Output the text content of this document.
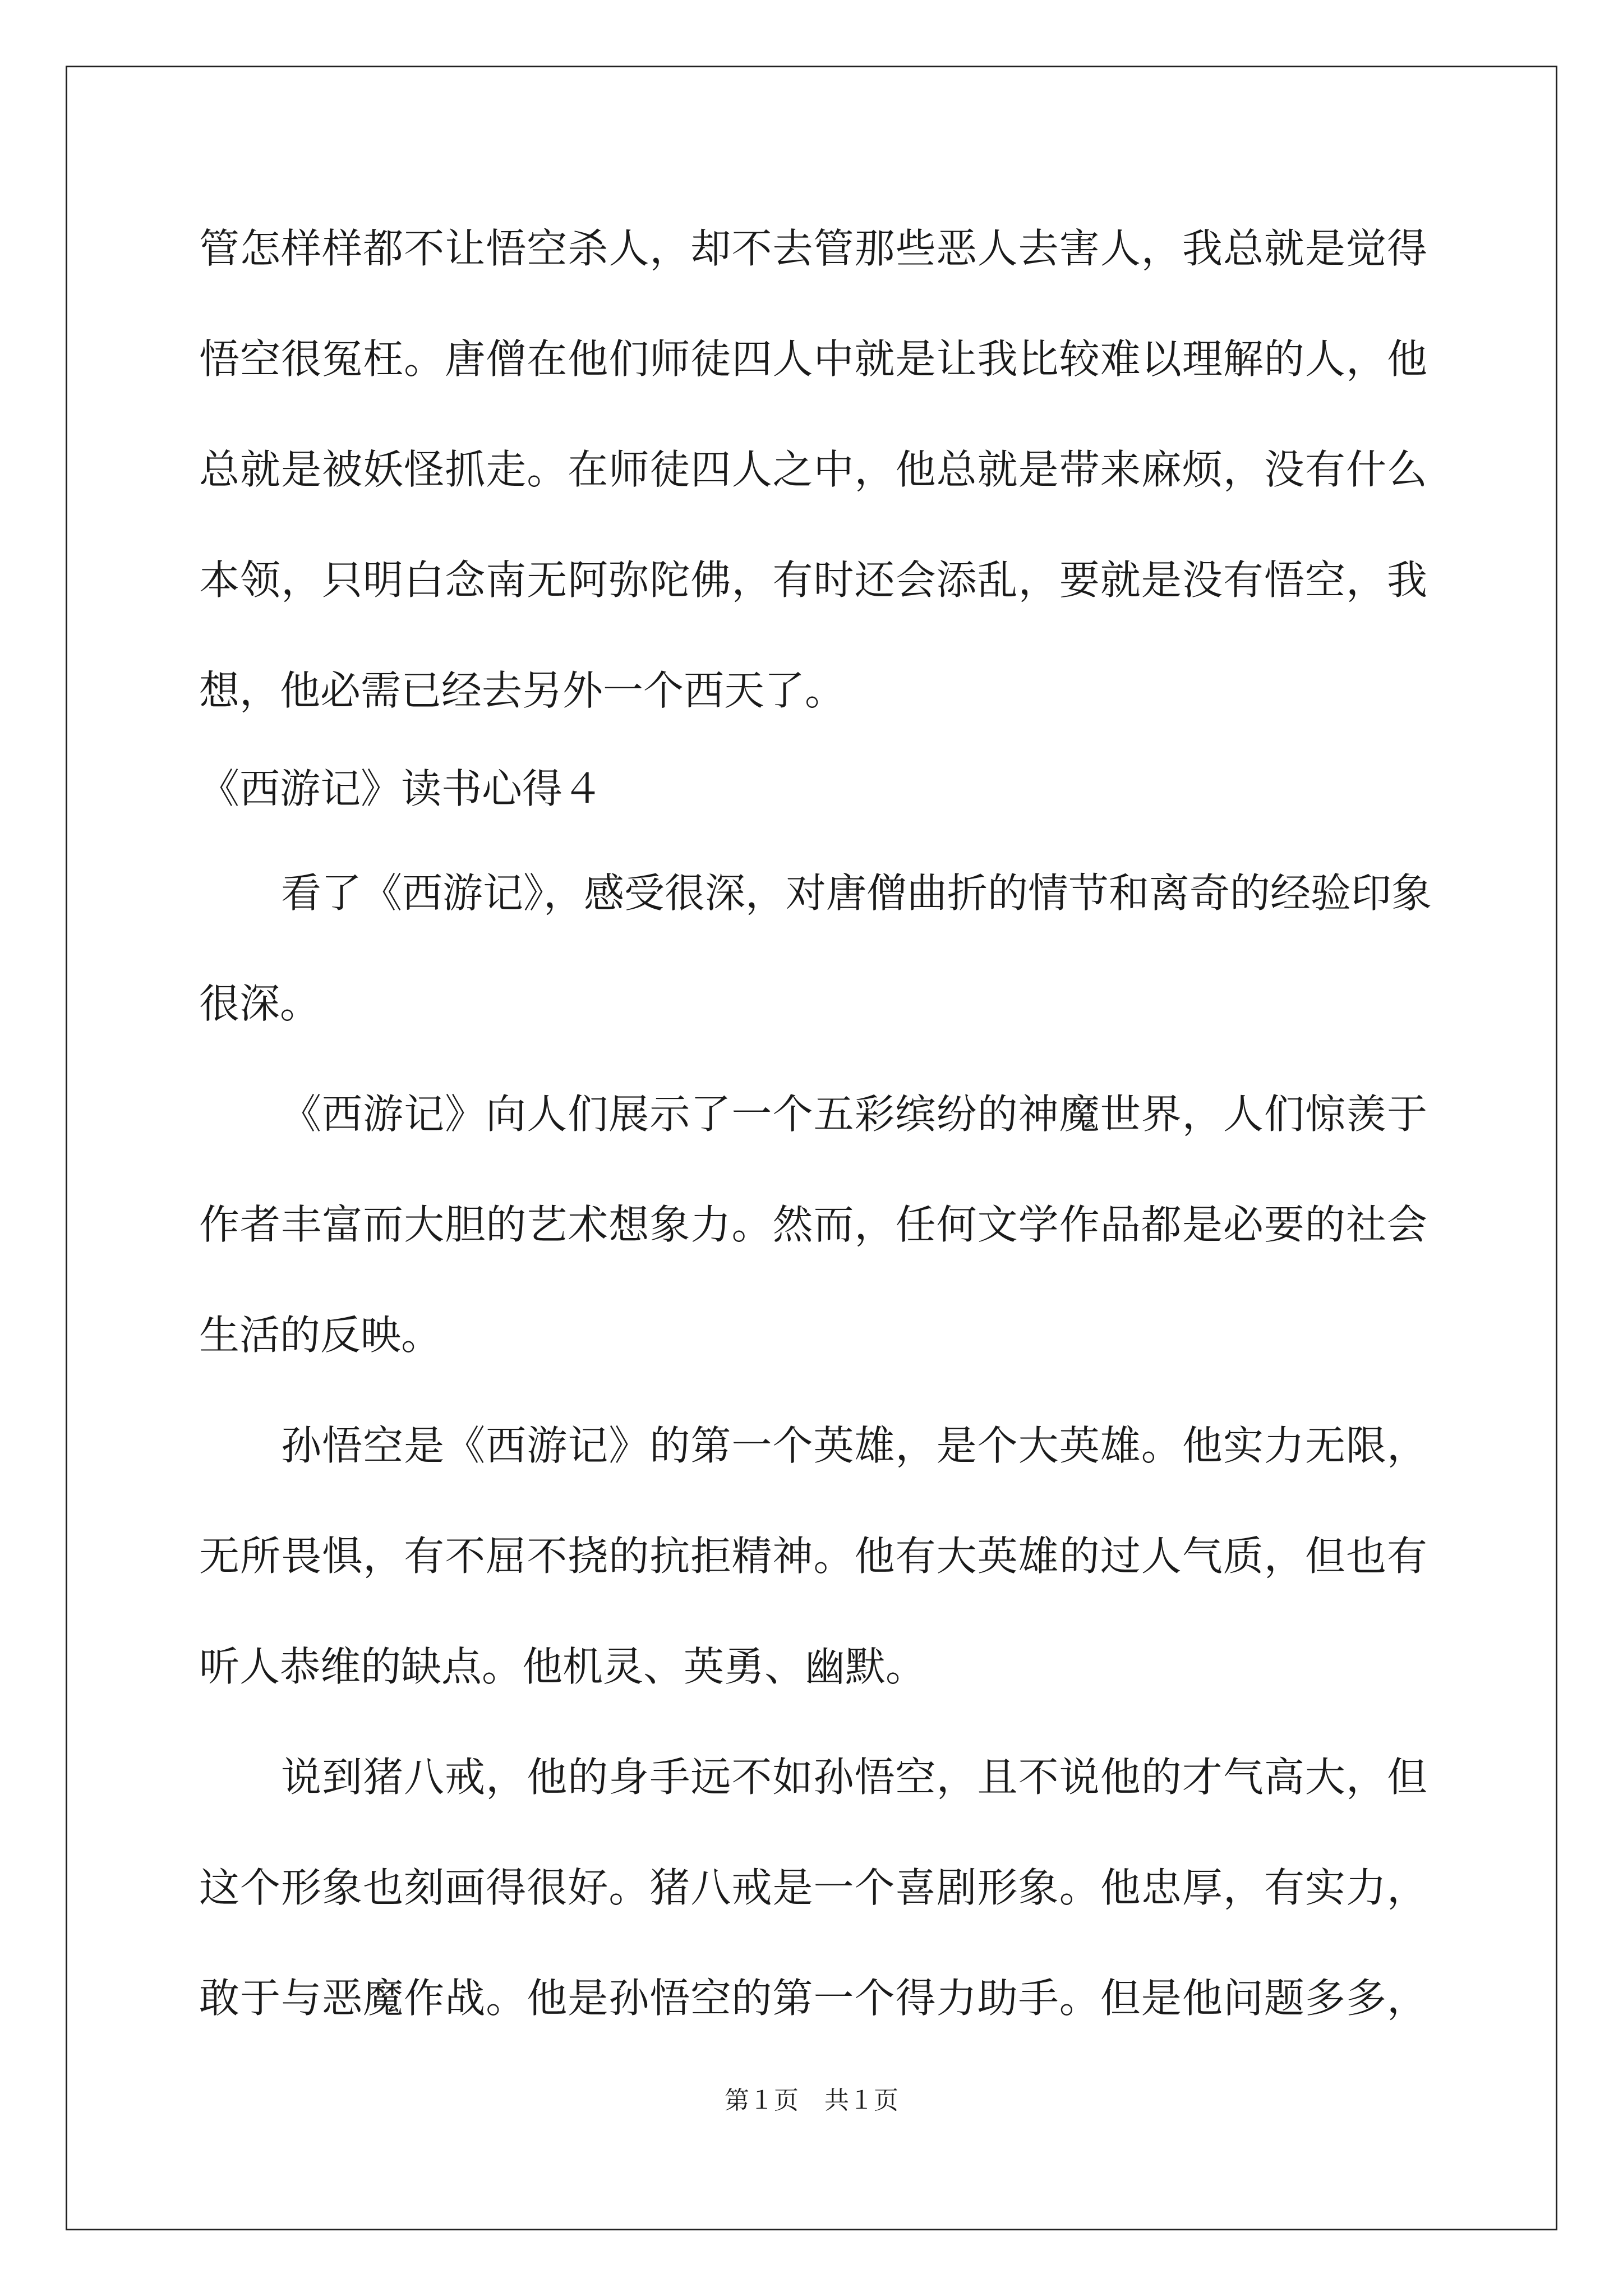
管怎样样都不让悟空杀人，却不去管那些恶人去害人，我总就是觉得
悟空很冤枉。唐僧在他们师徒四人中就是让我比较难以理解的人，他
总就是被妖怪抓走。在师徒四人之中，他总就是带来麻烦，没有什么
本领，只明白念南无阿弥陀佛，有时还会添乱，要就是没有悟空，我
想，他必需已经去另外一个西天了。
《西游记》读书心得４
看了《西游记》，感受很深，对唐僧曲折的情节和离奇的经验印象
很深。
《西游记》向人们展示了一个五彩缤纷的神魔世界，人们惊羡于
作者丰富而大胆的艺术想象力。然而，任何文学作品都是必要的社会
生活的反映。
孙悟空是《西游记》的第一个英雄，是个大英雄。他实力无限，
无所畏惧，有不屈不挠的抗拒精神。他有大英雄的过人气质，但也有
听人恭维的缺点。他机灵、英勇、幽默。
说到猪八戒，他的身手远不如孙悟空，且不说他的才气高大，但
这个形象也刻画得很好。猪八戒是一个喜剧形象。他忠厚，有实力，
敢于与恶魔作战。他是孙悟空的第一个得力助手。但是他问题多多，
第１页 共１页
